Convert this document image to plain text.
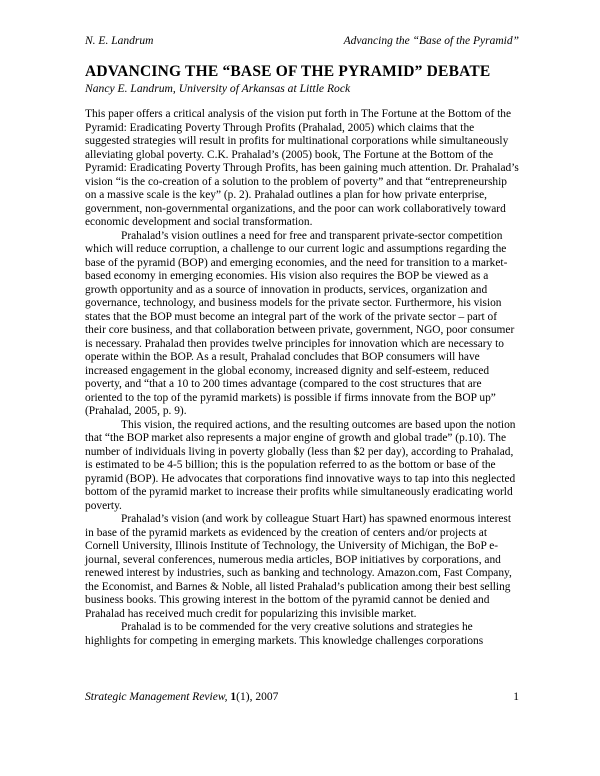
N. E. Landrum	Advancing the “Base of the Pyramid”
ADVANCING THE “BASE OF THE PYRAMID” DEBATE
Nancy E. Landrum, University of Arkansas at Little Rock

This paper offers a critical analysis of the vision put forth in The Fortune at the Bottom of the Pyramid: Eradicating Poverty Through Profits (Prahalad, 2005) which claims that the suggested strategies will result in profits for multinational corporations while simultaneously alleviating global poverty. C.K. Prahalad’s (2005) book, The Fortune at the Bottom of the Pyramid: Eradicating Poverty Through Profits, has been gaining much attention. Dr. Prahalad’s vision “is the co-creation of a solution to the problem of poverty” and that “entrepreneurship on a massive scale is the key” (p. 2). Prahalad outlines a plan for how private enterprise, government, non-governmental organizations, and the poor can work collaboratively toward economic development and social transformation.

Prahalad’s vision outlines a need for free and transparent private-sector competition which will reduce corruption, a challenge to our current logic and assumptions regarding the base of the pyramid (BOP) and emerging economies, and the need for transition to a market-based economy in emerging economies. His vision also requires the BOP be viewed as a growth opportunity and as a source of innovation in products, services, organization and governance, technology, and business models for the private sector. Furthermore, his vision states that the BOP must become an integral part of the work of the private sector – part of their core business, and that collaboration between private, government, NGO, poor consumer is necessary. Prahalad then provides twelve principles for innovation which are necessary to operate within the BOP. As a result, Prahalad concludes that BOP consumers will have increased engagement in the global economy, increased dignity and self-esteem, reduced poverty, and “that a 10 to 200 times advantage (compared to the cost structures that are oriented to the top of the pyramid markets) is possible if firms innovate from the BOP up” (Prahalad, 2005, p. 9).

This vision, the required actions, and the resulting outcomes are based upon the notion that “the BOP market also represents a major engine of growth and global trade” (p.10). The number of individuals living in poverty globally (less than $2 per day), according to Prahalad, is estimated to be 4-5 billion; this is the population referred to as the bottom or base of the pyramid (BOP). He advocates that corporations find innovative ways to tap into this neglected bottom of the pyramid market to increase their profits while simultaneously eradicating world poverty.

Prahalad’s vision (and work by colleague Stuart Hart) has spawned enormous interest in base of the pyramid markets as evidenced by the creation of centers and/or projects at Cornell University, Illinois Institute of Technology, the University of Michigan, the BoP e-journal, several conferences, numerous media articles, BOP initiatives by corporations, and renewed interest by industries, such as banking and technology. Amazon.com, Fast Company, the Economist, and Barnes & Noble, all listed Prahalad’s publication among their best selling business books. This growing interest in the bottom of the pyramid cannot be denied and Prahalad has received much credit for popularizing this invisible market.

Prahalad is to be commended for the very creative solutions and strategies he highlights for competing in emerging markets. This knowledge challenges corporations

Strategic Management Review, 1(1), 2007	1
